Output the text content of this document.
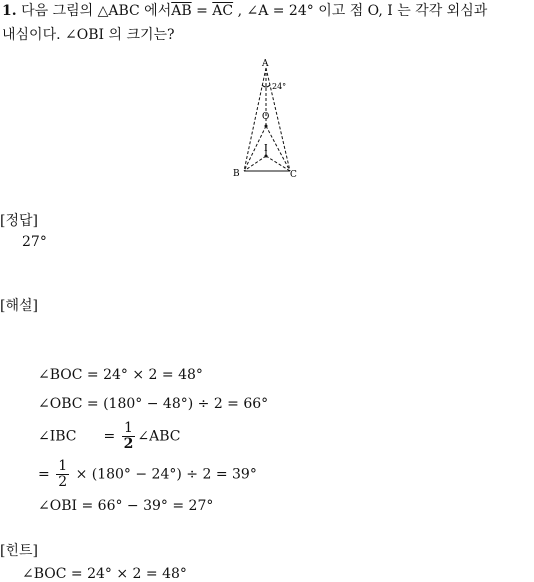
1. 다음 그림의 △ABC 에서$\overline{AB} = \overline{AC}$ , ∠A = 24° 이고 점 O, I 는 각각 외심과
내심이다. ∠OBI 의 크기는?
A
B	C
O
I
24°
[정답]
27°
[해설]
∠BOC = 24° × 2 = 48°
∠OBC = (180° − 48°) ÷ 2 = 66°
∠IBC = $\frac{1}{2}$ ∠ABC
= $\frac{1}{2} \times (180^\circ - 24^\circ) \div 2 = 39^\circ$
∠OBI = 66° − 39° = 27°
[힌트]
∠BOC = 24° × 2 = 48°
